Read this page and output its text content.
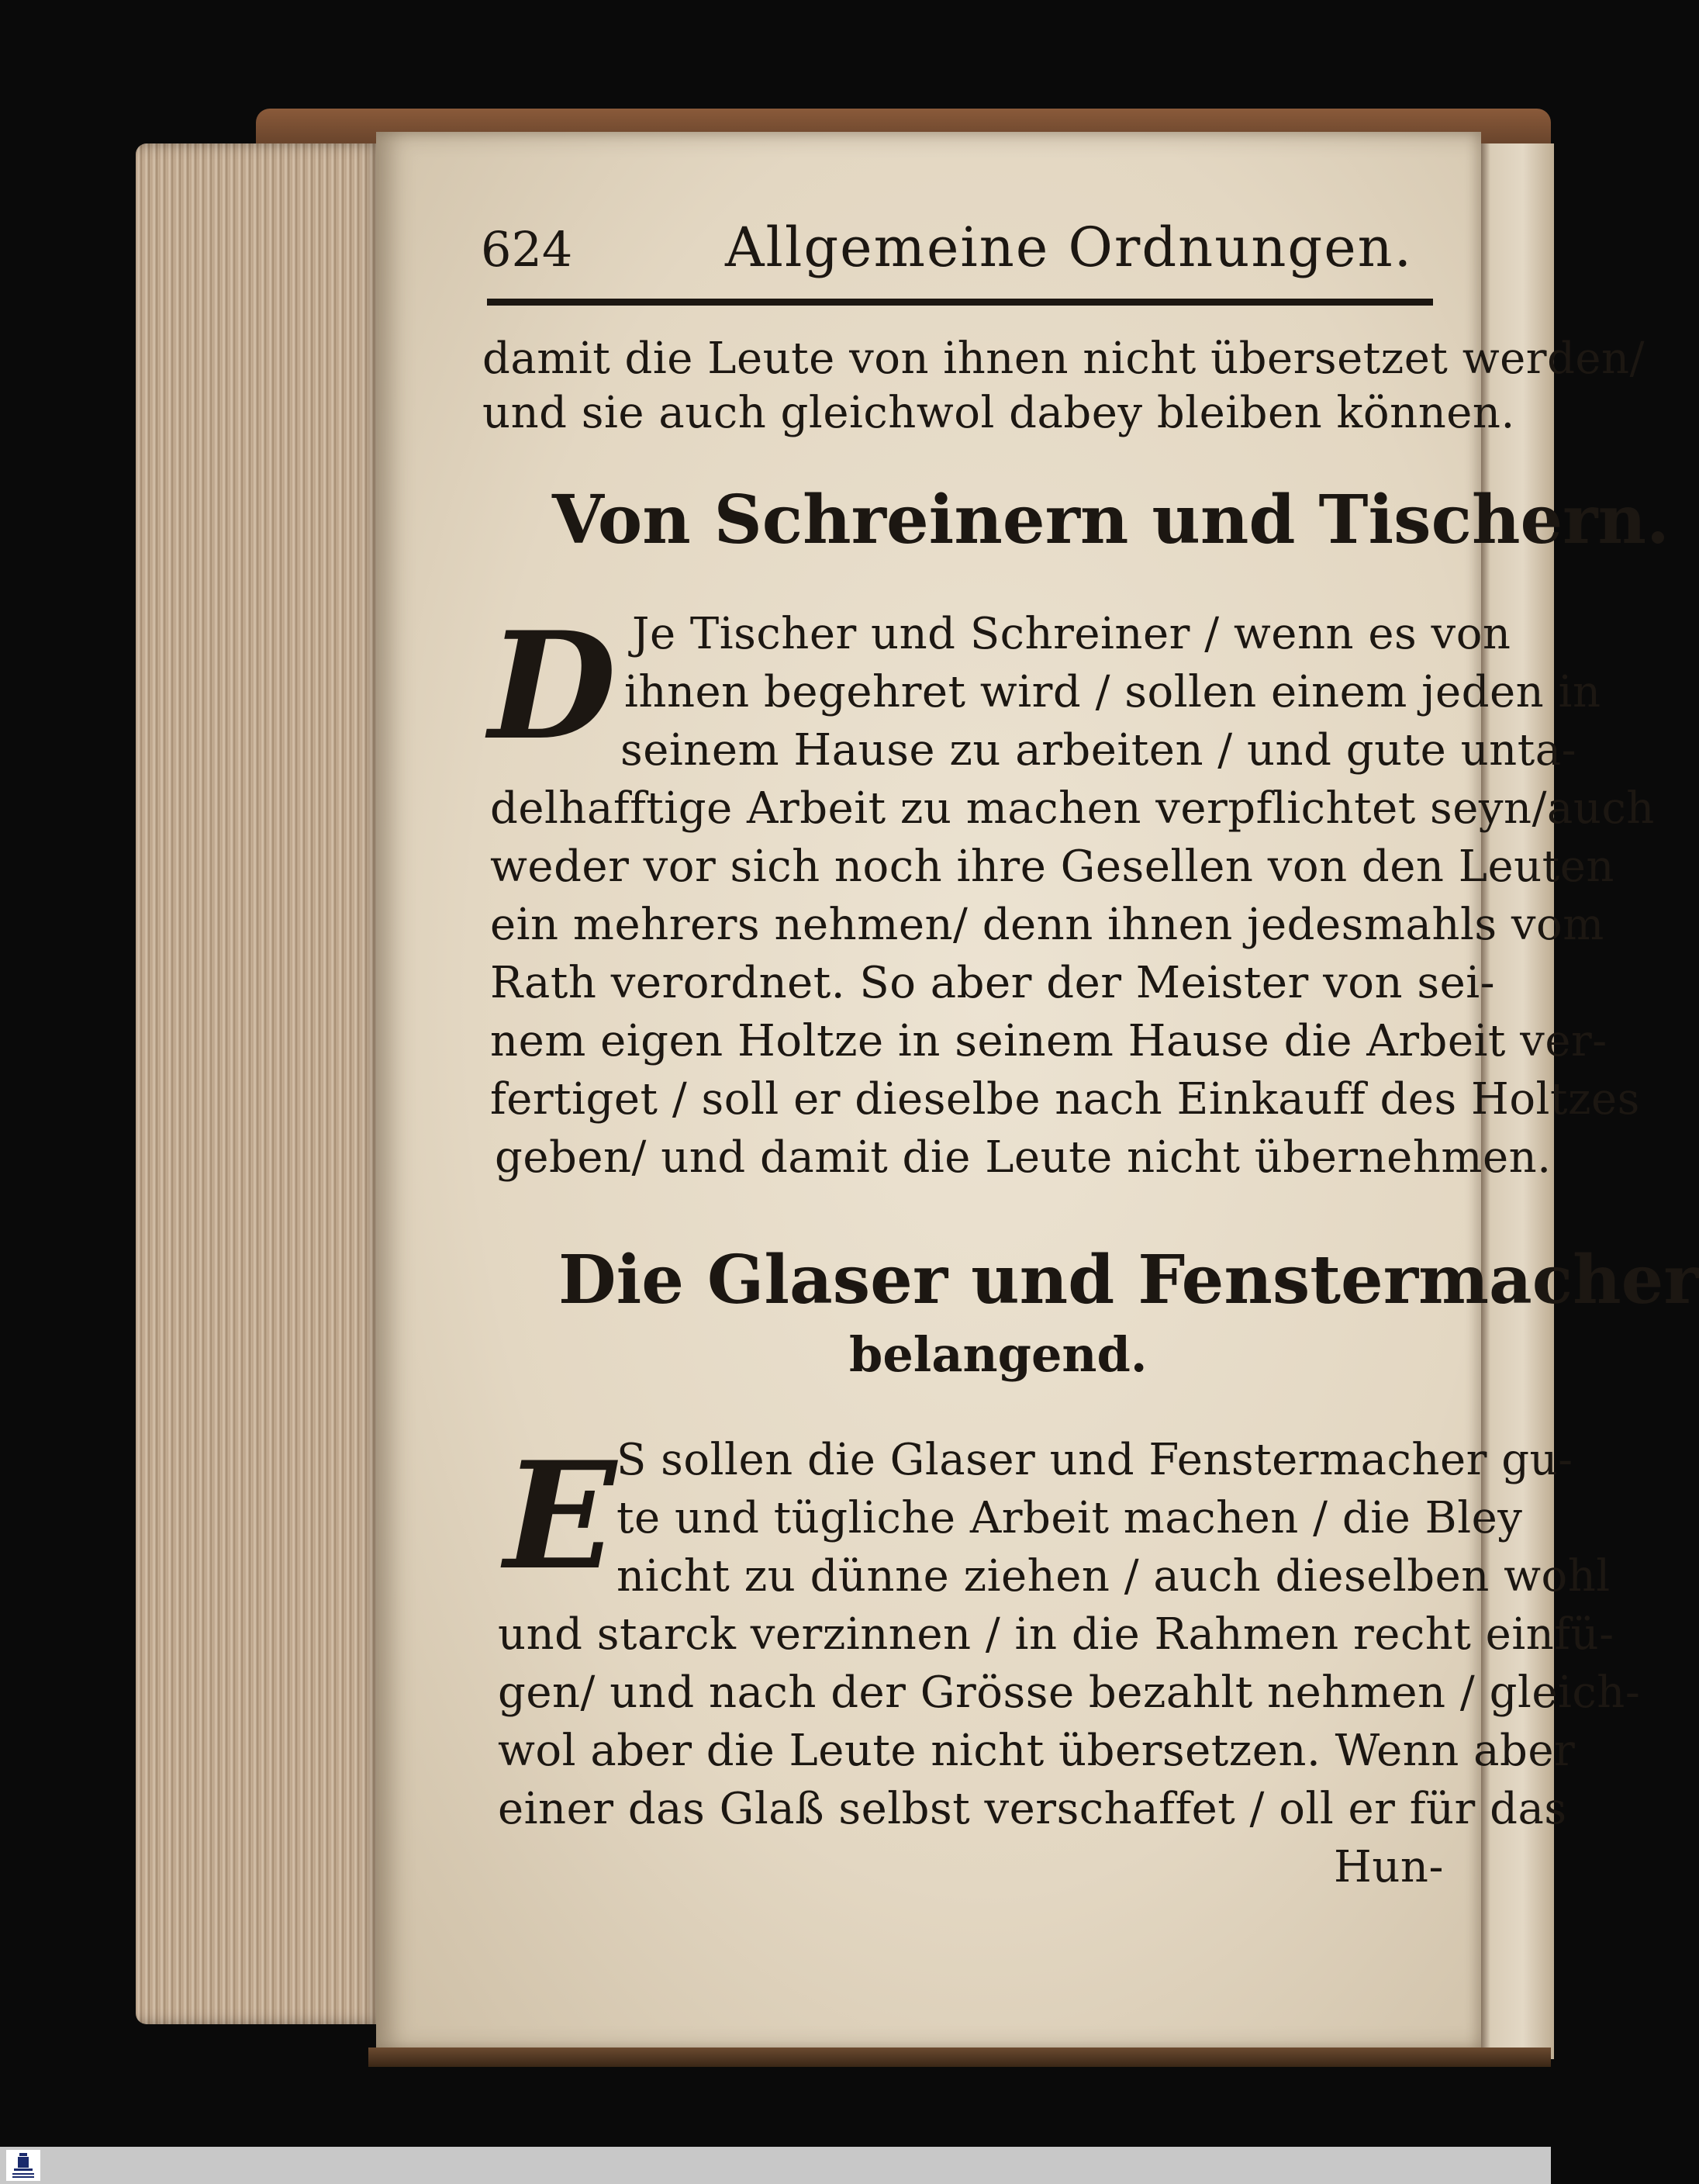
624	Allgemeine Ordnungen.
damit die Leute von ihnen nicht übersetzet werden/
und sie auch gleichwol dabey bleiben können.
Von Schreinern und Tischern.
D Je Tischer und Schreiner / wenn es von
ihnen begehret wird / sollen einem jeden in
seinem Hause zu arbeiten / und gute unta-
delhafftige Arbeit zu machen verpflichtet seyn/auch
weder vor sich noch ihre Gesellen von den Leuten
ein mehrers nehmen/ denn ihnen jedesmahls vom
Rath verordnet. So aber der Meister von sei-
nem eigen Holtze in seinem Hause die Arbeit ver-
fertiget / soll er dieselbe nach Einkauff des Holtzes
geben/ und damit die Leute nicht übernehmen.
Die Glaser und Fenstermacher
belangend.
E S sollen die Glaser und Fenstermacher gu-
te und tügliche Arbeit machen / die Bley
nicht zu dünne ziehen / auch dieselben wohl
und starck verzinnen / in die Rahmen recht einfü-
gen/ und nach der Grösse bezahlt nehmen / gleich-
wol aber die Leute nicht übersetzen. Wenn aber
einer das Glaß selbst verschaffet / oll er für das
Hun-
